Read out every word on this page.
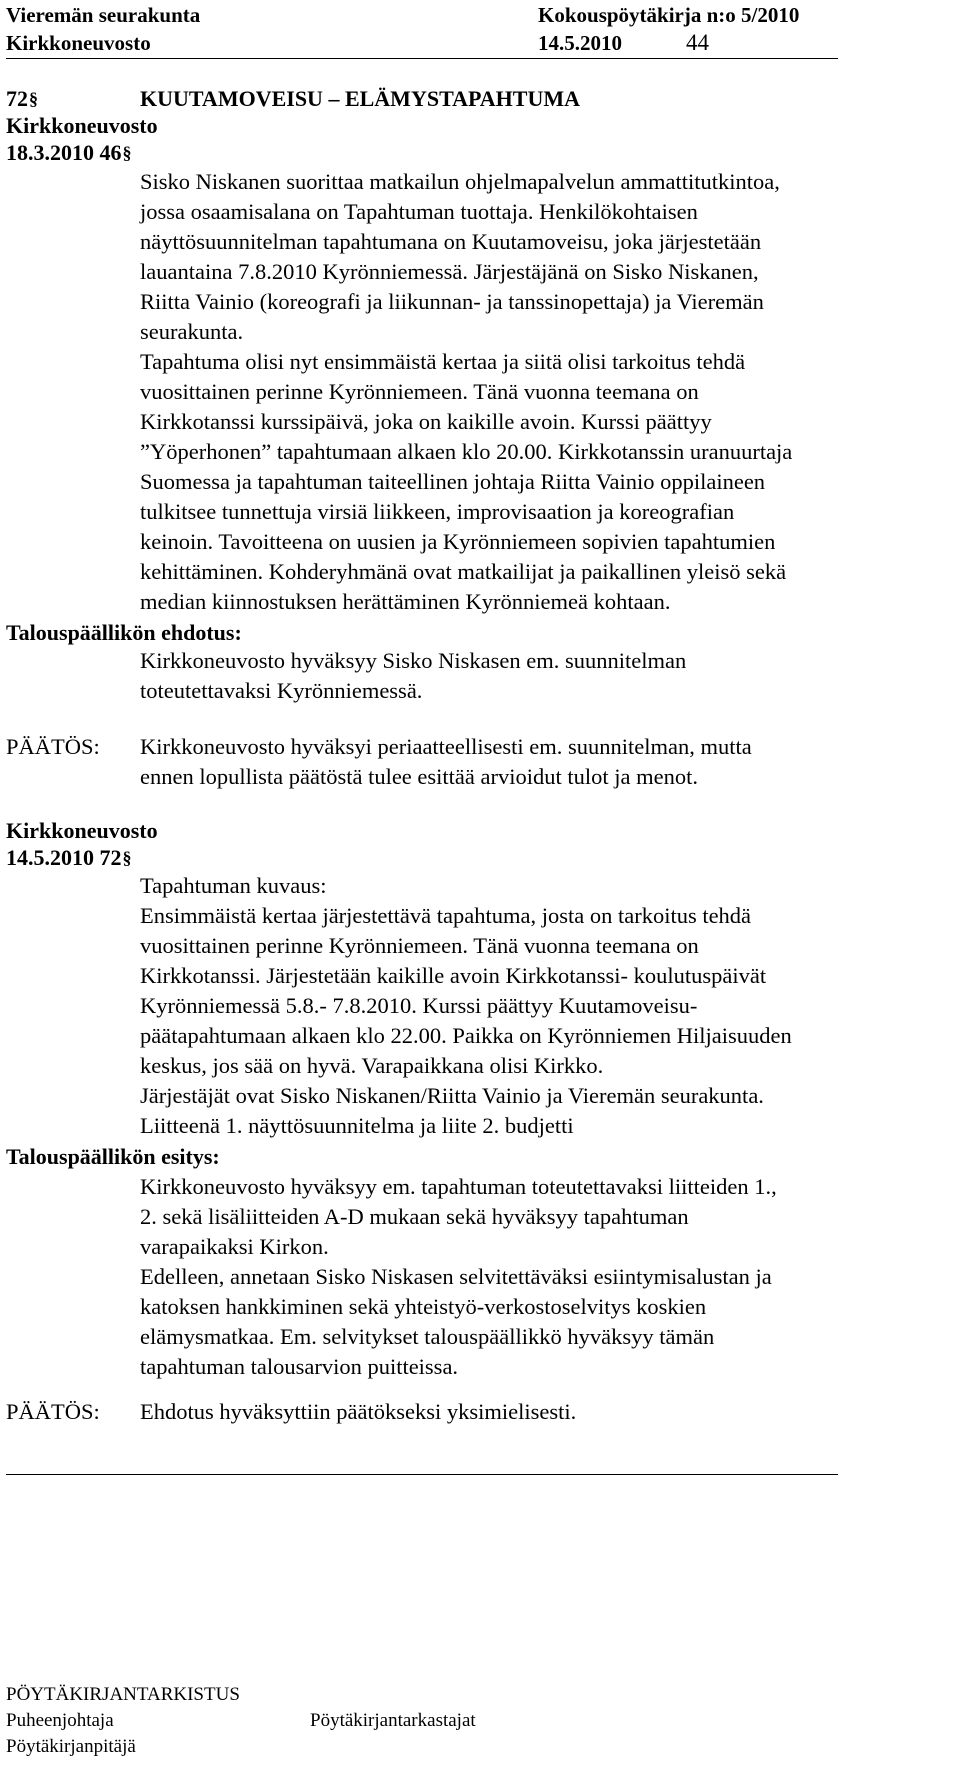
Vieremän seurakunta	Kokouspöytäkirja n:o 5/2010
Kirkkoneuvosto	14.5.2010	44
72§	KUUTAMOVEISU – ELÄMYSTAPAHTUMA
Kirkkoneuvosto
18.3.2010 46§
Sisko Niskanen suorittaa matkailun ohjelmapalvelun ammattitutkintoa,
jossa osaamisalana on Tapahtuman tuottaja. Henkilökohtaisen
näyttösuunnitelman tapahtumana on Kuutamoveisu, joka järjestetään
lauantaina 7.8.2010 Kyrönniemessä. Järjestäjänä on Sisko Niskanen,
Riitta Vainio (koreografi ja liikunnan- ja tanssinopettaja) ja Vieremän
seurakunta.
Tapahtuma olisi nyt ensimmäistä kertaa ja siitä olisi tarkoitus tehdä
vuosittainen perinne Kyrönniemeen. Tänä vuonna teemana on
Kirkkotanssi kurssipäivä, joka on kaikille avoin. Kurssi päättyy
”Yöperhonen” tapahtumaan alkaen klo 20.00. Kirkkotanssin uranuurtaja
Suomessa ja tapahtuman taiteellinen johtaja Riitta Vainio oppilaineen
tulkitsee tunnettuja virsiä liikkeen, improvisaation ja koreografian
keinoin. Tavoitteena on uusien ja Kyrönniemeen sopivien tapahtumien
kehittäminen. Kohderyhmänä ovat matkailijat ja paikallinen yleisö sekä
median kiinnostuksen herättäminen Kyrönniemeä kohtaan.
Talouspäällikön ehdotus:
Kirkkoneuvosto hyväksyy Sisko Niskasen em. suunnitelman
toteutettavaksi Kyrönniemessä.
PÄÄTÖS: Kirkkoneuvosto hyväksyi periaatteellisesti em. suunnitelman, mutta
ennen lopullista päätöstä tulee esittää arvioidut tulot ja menot.
Kirkkoneuvosto
14.5.2010 72§
Tapahtuman kuvaus:
Ensimmäistä kertaa järjestettävä tapahtuma, josta on tarkoitus tehdä
vuosittainen perinne Kyrönniemeen. Tänä vuonna teemana on
Kirkkotanssi. Järjestetään kaikille avoin Kirkkotanssi- koulutuspäivät
Kyrönniemessä 5.8.- 7.8.2010. Kurssi päättyy Kuutamoveisu-
päätapahtumaan alkaen klo 22.00. Paikka on Kyrönniemen Hiljaisuuden
keskus, jos sää on hyvä. Varapaikkana olisi Kirkko.
Järjestäjät ovat Sisko Niskanen/Riitta Vainio ja Vieremän seurakunta.
Liitteenä 1. näyttösuunnitelma ja liite 2. budjetti
Talouspäällikön esitys:
Kirkkoneuvosto hyväksyy em. tapahtuman toteutettavaksi liitteiden 1.,
2. sekä lisäliitteiden A-D mukaan sekä hyväksyy tapahtuman
varapaikaksi Kirkon.
Edelleen, annetaan Sisko Niskasen selvitettäväksi esiintymisalustan ja
katoksen hankkiminen sekä yhteistyö-verkostoselvitys koskien
elämysmatkaa. Em. selvitykset talouspäällikkö hyväksyy tämän
tapahtuman talousarvion puitteissa.
PÄÄTÖS: Ehdotus hyväksyttiin päätökseksi yksimielisesti.
PÖYTÄKIRJANTARKISTUS
Puheenjohtaja	Pöytäkirjantarkastajat
Pöytäkirjanpitäjä
